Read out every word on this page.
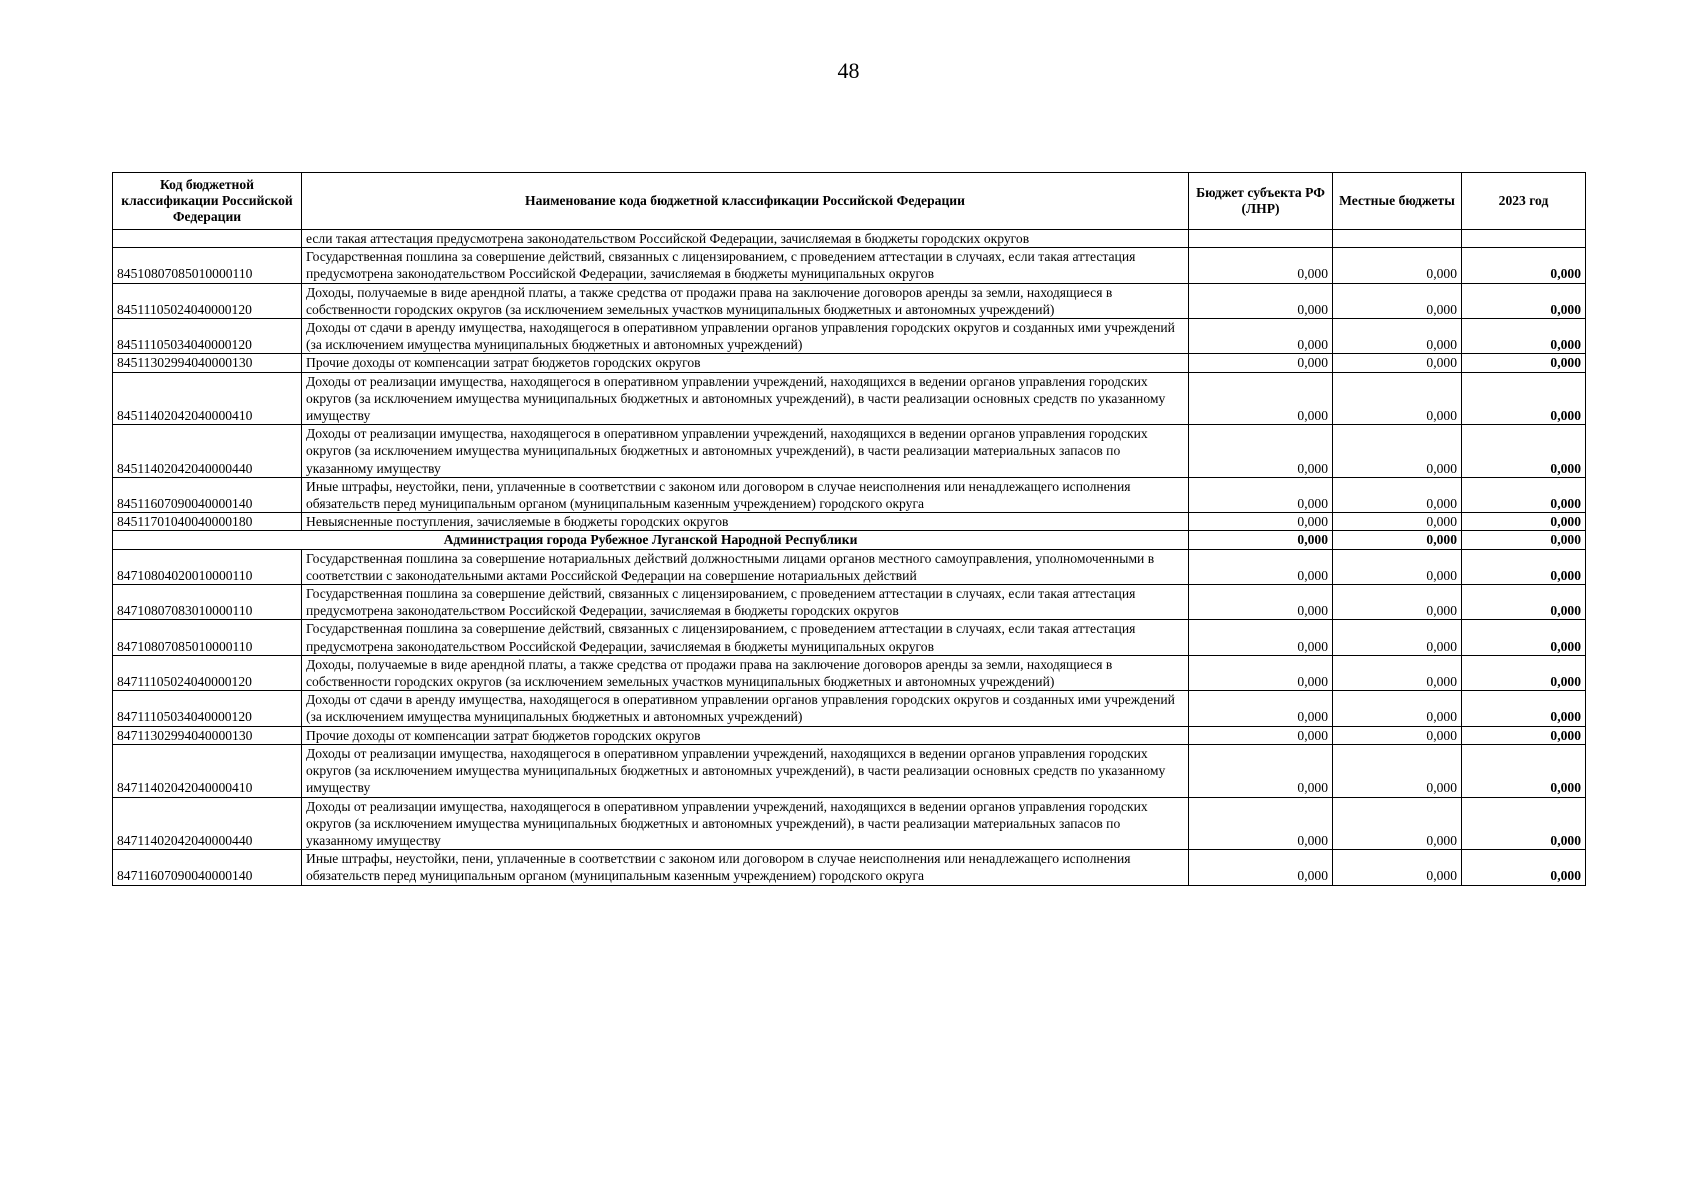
48
Код бюджетной классификации Российской Федерации	Наименование кода бюджетной классификации Российской Федерации	Бюджет субъекта РФ (ЛНР)	Местные бюджеты	2023 год
	если такая аттестация предусмотрена законодательством Российской Федерации, зачисляемая в бюджеты городских округов			
84510807085010000110	Государственная пошлина за совершение действий, связанных с лицензированием, с проведением аттестации в случаях, если такая аттестация предусмотрена законодательством Российской Федерации, зачисляемая в бюджеты муниципальных округов	0,000	0,000	0,000
84511105024040000120	Доходы, получаемые в виде арендной платы, а также средства от продажи права на заключение договоров аренды за земли, находящиеся в собственности городских округов (за исключением земельных участков муниципальных бюджетных и автономных учреждений)	0,000	0,000	0,000
84511105034040000120	Доходы от сдачи в аренду имущества, находящегося в оперативном управлении органов управления городских округов и созданных ими учреждений (за исключением имущества муниципальных бюджетных и автономных учреждений)	0,000	0,000	0,000
84511302994040000130	Прочие доходы от компенсации затрат бюджетов городских округов	0,000	0,000	0,000
84511402042040000410	Доходы от реализации имущества, находящегося в оперативном управлении учреждений, находящихся в ведении органов управления городских округов (за исключением имущества муниципальных бюджетных и автономных учреждений), в части реализации основных средств по указанному имуществу	0,000	0,000	0,000
84511402042040000440	Доходы от реализации имущества, находящегося в оперативном управлении учреждений, находящихся в ведении органов управления городских округов (за исключением имущества муниципальных бюджетных и автономных учреждений), в части реализации материальных запасов по указанному имуществу	0,000	0,000	0,000
84511607090040000140	Иные штрафы, неустойки, пени, уплаченные в соответствии с законом или договором в случае неисполнения или ненадлежащего исполнения обязательств перед муниципальным органом (муниципальным казенным учреждением) городского округа	0,000	0,000	0,000
84511701040040000180	Невыясненные поступления, зачисляемые в бюджеты городских округов	0,000	0,000	0,000
Администрация города Рубежное Луганской Народной Республики		0,000	0,000	0,000
84710804020010000110	Государственная пошлина за совершение нотариальных действий должностными лицами органов местного самоуправления, уполномоченными в соответствии с законодательными актами Российской Федерации на совершение нотариальных действий	0,000	0,000	0,000
84710807083010000110	Государственная пошлина за совершение действий, связанных с лицензированием, с проведением аттестации в случаях, если такая аттестация предусмотрена законодательством Российской Федерации, зачисляемая в бюджеты городских округов	0,000	0,000	0,000
84710807085010000110	Государственная пошлина за совершение действий, связанных с лицензированием, с проведением аттестации в случаях, если такая аттестация предусмотрена законодательством Российской Федерации, зачисляемая в бюджеты муниципальных округов	0,000	0,000	0,000
84711105024040000120	Доходы, получаемые в виде арендной платы, а также средства от продажи права на заключение договоров аренды за земли, находящиеся в собственности городских округов (за исключением земельных участков муниципальных бюджетных и автономных учреждений)	0,000	0,000	0,000
84711105034040000120	Доходы от сдачи в аренду имущества, находящегося в оперативном управлении органов управления городских округов и созданных ими учреждений (за исключением имущества муниципальных бюджетных и автономных учреждений)	0,000	0,000	0,000
84711302994040000130	Прочие доходы от компенсации затрат бюджетов городских округов	0,000	0,000	0,000
84711402042040000410	Доходы от реализации имущества, находящегося в оперативном управлении учреждений, находящихся в ведении органов управления городских округов (за исключением имущества муниципальных бюджетных и автономных учреждений), в части реализации основных средств по указанному имуществу	0,000	0,000	0,000
84711402042040000440	Доходы от реализации имущества, находящегося в оперативном управлении учреждений, находящихся в ведении органов управления городских округов (за исключением имущества муниципальных бюджетных и автономных учреждений), в части реализации материальных запасов по указанному имуществу	0,000	0,000	0,000
84711607090040000140	Иные штрафы, неустойки, пени, уплаченные в соответствии с законом или договором в случае неисполнения или ненадлежащего исполнения обязательств перед муниципальным органом (муниципальным казенным учреждением) городского округа	0,000	0,000	0,000
